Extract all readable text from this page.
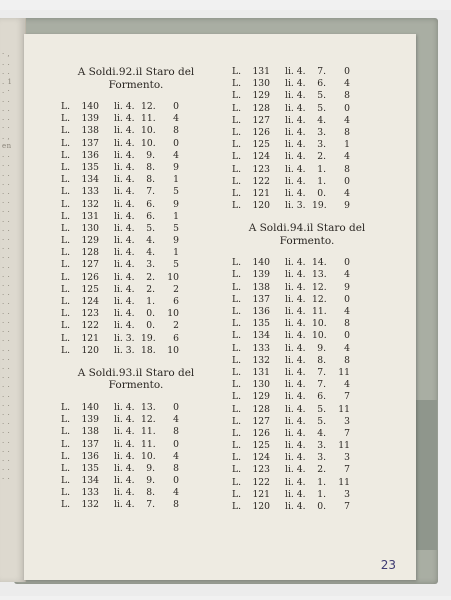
· ,
. .
. .
. 1
. ·
. .
. .
. .
· ·
. ,
en
. .
. .
. .
. .
. .
. .
. .
. .
. .
. .
. .
. .
. .
. .
. .
. .
. .
. .
. .
. .
. .
. .
. .
. .
. .
. .
. .
. .
. .
. .
. .
. .
. .
. .
. .
. .
A Soldi.92.il Staro del
Formento.
L. 140 li. 4. 12.	0
L. 139 li. 4. 11.	4
L. 138 li. 4. 10.	8
L. 137 li. 4. 10.	0
L. 136 li. 4.	9.	4
L. 135 li. 4.	8.	9
L. 134 li. 4.	8.	1
L. 133 li. 4.	7.	5
L. 132 li. 4.	6.	9
L. 131 li. 4.	6.	1
L. 130 li. 4.	5.	5
L. 129 li. 4.	4.	9
L. 128 li. 4.	4.	1
L. 127 li. 4.	3.	5
L. 126 li. 4.	2.	10
L. 125 li. 4.	2.	2
L. 124 li. 4.	1.	6
L. 123 li. 4.	0.	10
L. 122 li. 4.	0.	2
L. 121 li. 3. 19.	6
L. 120 li. 3. 18.	10
A Soldi.93.il Staro del
Formento.
L. 140 li. 4. 13.	0
L. 139 li. 4. 12.	4
L. 138 li. 4. 11.	8
L. 137 li. 4. 11.	0
L. 136 li. 4. 10.	4
L. 135 li. 4.	9.	8
L. 134 li. 4.	9.	0
L. 133 li. 4.	8.	4
L. 132 li. 4.	7.	8
L. 131 li. 4.	7.	0
L. 130 li. 4.	6.	4
L. 129 li. 4.	5.	8
L. 128 li. 4.	5.	0
L. 127 li. 4.	4.	4
L. 126 li. 4.	3.	8
L. 125 li. 4.	3.	1
L. 124 li. 4.	2.	4
L. 123 li. 4.	1.	8
L. 122 li. 4.	1.	0
L. 121 li. 4.	0.	4
L. 120 li. 3. 19.	9
A Soldi.94.il Staro del
Formento.
L. 140 li. 4. 14.	0
L. 139 li. 4. 13.	4
L. 138 li. 4. 12.	9
L. 137 li. 4. 12.	0
L. 136 li. 4. 11.	4
L. 135 li. 4. 10.	8
L. 134 li. 4. 10.	0
L. 133 li. 4.	9.	4
L. 132 li. 4.	8.	8
L. 131 li. 4.	7.	11
L. 130 li. 4.	7.	4
L. 129 li. 4.	6.	7
L. 128 li. 4.	5.	11
L. 127 li. 4.	5.	3
L. 126 li. 4.	4.	7
L. 125 li. 4.	3.	11
L. 124 li. 4.	3.	3
L. 123 li. 4.	2.	7
L. 122 li. 4.	1.	11
L. 121 li. 4.	1.	3
L. 120 li. 4.	0.	7
23
